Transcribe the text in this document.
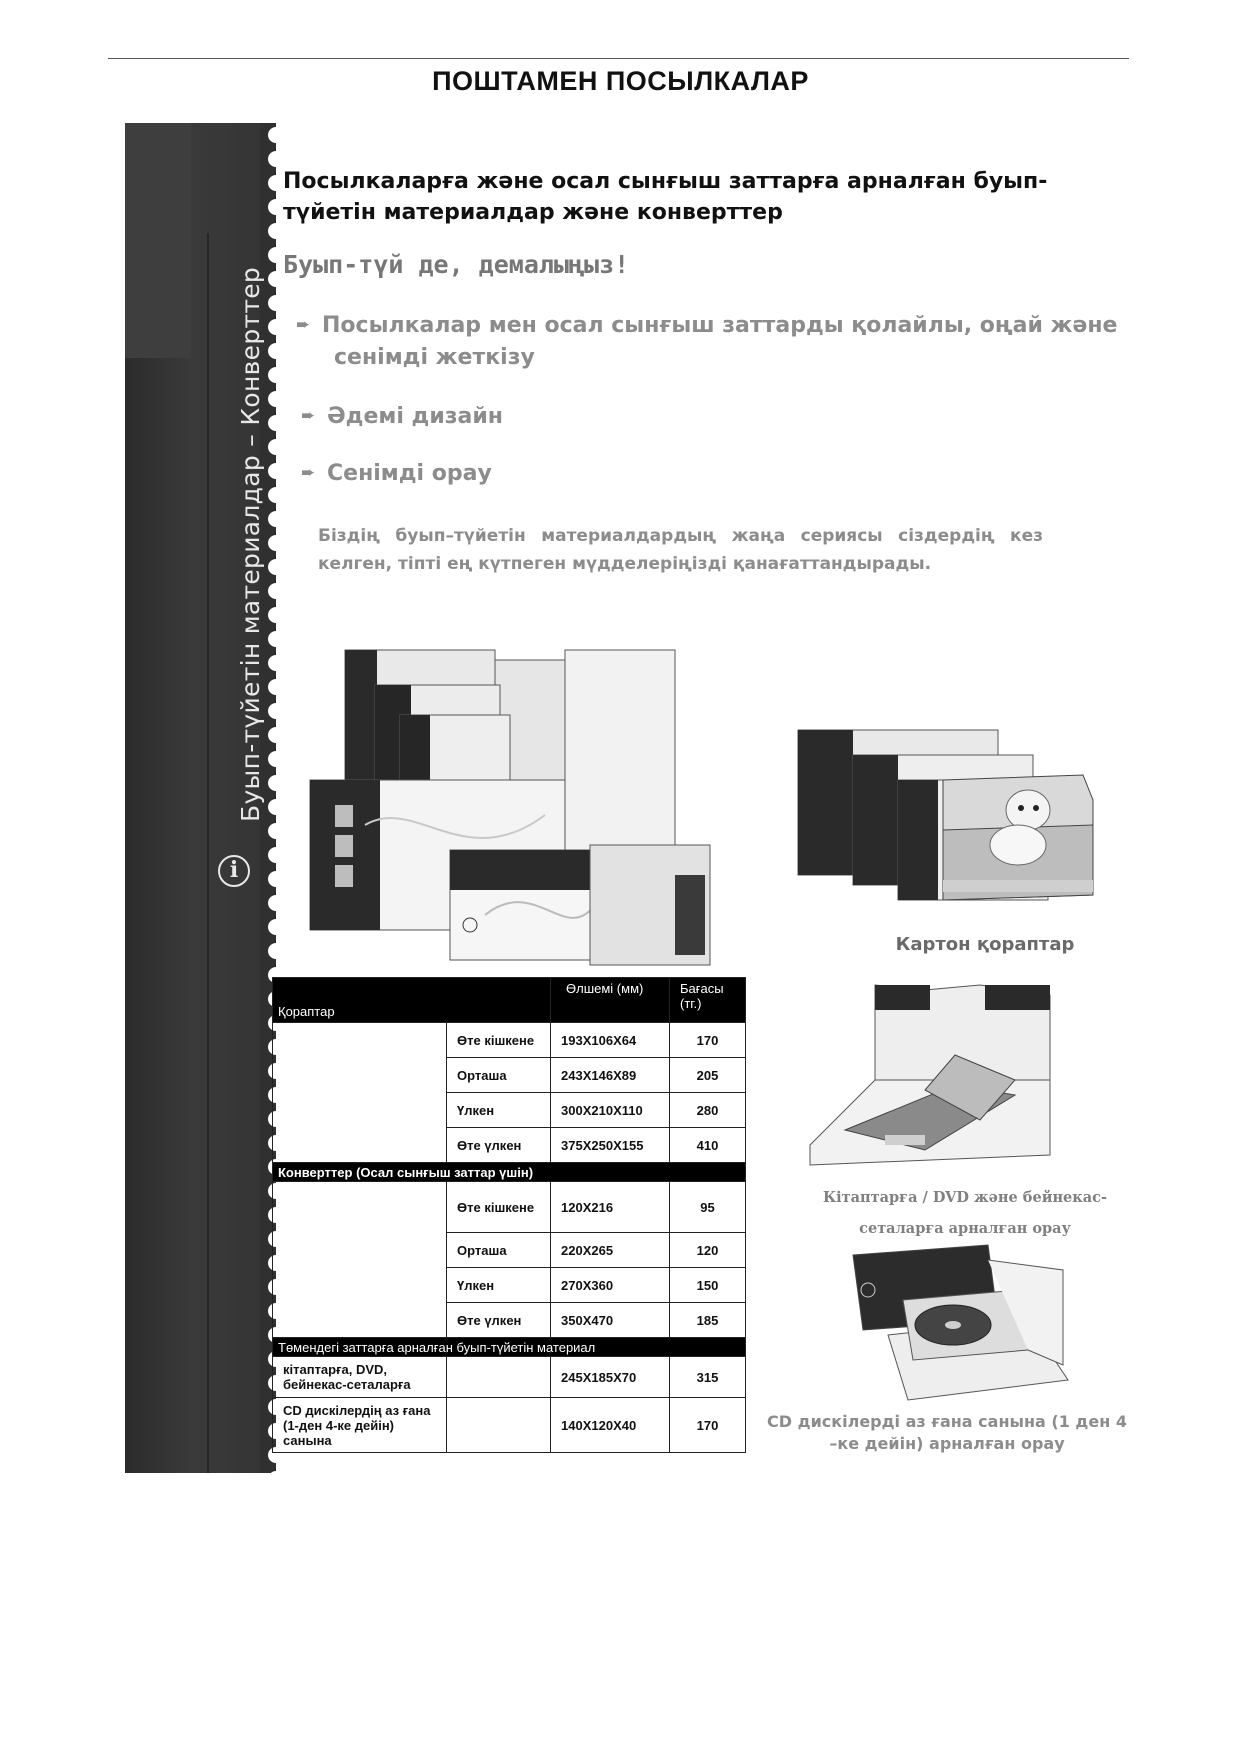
ПОШТАМЕН ПОСЫЛКАЛАР
Буып-түйетін материалдар – Конверттер
i
Посылкаларға және осал сынғыш заттарға арналған буып-
түйетін материалдар және конверттер
Буып-түй де, демалыңыз!
➨ Посылкалар мен осал сынғыш заттарды қолайлы, оңай және
сенімді жеткізу
➨ Әдемі дизайн
➨ Сенімді орау
Біздің буып–түйетін материалдардың жаңа сериясы сіздердің кез келген, тіпті ең күтпеген мүдделеріңізді қанағаттандырады.
Картон қораптар
Кітаптарға / DVD және бейнекас-
сеталарға арналған орау
CD дискілерді аз ғана санына (1 ден 4 –ке дейін) арналған орау
Қораптар		Өлшемі (мм)	Бағасы (тг.)
	Өте кішкене	193X106X64	170
	Орташа	243X146X89	205
	Үлкен	300X210X110	280
	Өте үлкен	375X250X155	410
Конверттер (Осал сынғыш заттар үшін)			
	Өте кішкене	120X216	95
	Орташа	220X265	120
	Үлкен	270X360	150
	Өте үлкен	350X470	185
Төмендегі заттарға арналған буып-түйетін материал			
кітаптарға, DVD, бейнекас-сеталарға		245X185X70	315
CD дискілердің аз ғана (1-ден 4-ке дейін) санына		140X120X40	170
